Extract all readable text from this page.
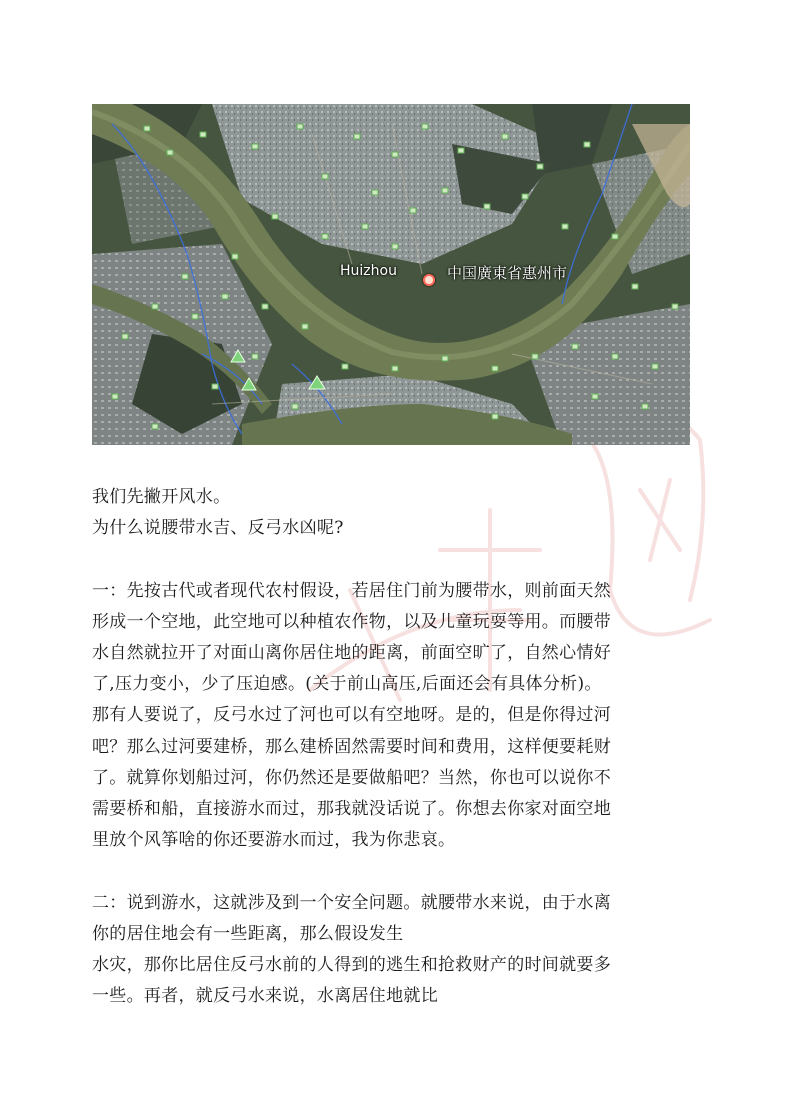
Huizhou	中国廣東省惠州市

我们先撇开风水。

为什么说腰带水吉、反弓水凶呢?

一：先按古代或者现代农村假设，若居住门前为腰带水，则前面天然

形成一个空地，此空地可以种植农作物，以及儿童玩耍等用。而腰带

水自然就拉开了对面山离你居住地的距离，前面空旷了，自然心情好

了,压力变小，少了压迫感。(关于前山高压,后面还会有具体分析)。

那有人要说了，反弓水过了河也可以有空地呀。是的，但是你得过河

吧？那么过河要建桥，那么建桥固然需要时间和费用，这样便要耗财

了。就算你划船过河，你仍然还是要做船吧？当然，你也可以说你不

需要桥和船，直接游水而过，那我就没话说了。你想去你家对面空地

里放个风筝啥的你还要游水而过，我为你悲哀。

二：说到游水，这就涉及到一个安全问题。就腰带水来说，由于水离

你的居住地会有一些距离，那么假设发生

水灾，那你比居住反弓水前的人得到的逃生和抢救财产的时间就要多

一些。再者，就反弓水来说，水离居住地就比
